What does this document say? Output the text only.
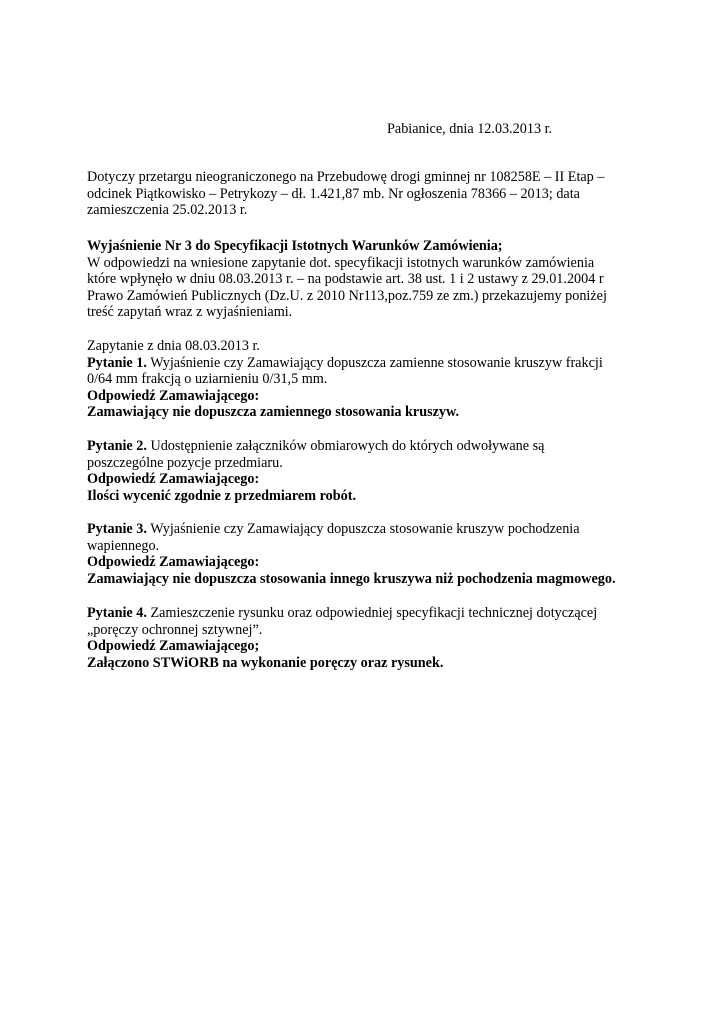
Pabianice, dnia 12.03.2013 r.
Dotyczy przetargu nieograniczonego na Przebudowę drogi gminnej nr 108258E – II Etap –
odcinek Piątkowisko – Petrykozy – dł. 1.421,87 mb. Nr ogłoszenia 78366 – 2013; data
zamieszczenia 25.02.2013 r.
Wyjaśnienie Nr 3 do Specyfikacji Istotnych Warunków Zamówienia;
W odpowiedzi na wniesione zapytanie dot. specyfikacji istotnych warunków zamówienia
które wpłynęło w dniu 08.03.2013 r. – na podstawie art. 38 ust. 1 i 2 ustawy z 29.01.2004 r
Prawo Zamówień Publicznych (Dz.U. z 2010 Nr113,poz.759 ze zm.) przekazujemy poniżej
treść zapytań wraz z wyjaśnieniami.
Zapytanie z dnia 08.03.2013 r.
Pytanie 1. Wyjaśnienie czy Zamawiający dopuszcza zamienne stosowanie kruszyw frakcji
0/64 mm frakcją o uziarnieniu 0/31,5 mm.
Odpowiedź Zamawiającego:
Zamawiający nie dopuszcza zamiennego stosowania kruszyw.
Pytanie 2. Udostępnienie załączników obmiarowych do których odwoływane są
poszczególne pozycje przedmiaru.
Odpowiedź Zamawiającego:
Ilości wycenić zgodnie z przedmiarem robót.
Pytanie 3. Wyjaśnienie czy Zamawiający dopuszcza stosowanie kruszyw pochodzenia
wapiennego.
Odpowiedź Zamawiającego:
Zamawiający nie dopuszcza stosowania innego kruszywa niż pochodzenia magmowego.
Pytanie 4. Zamieszczenie rysunku oraz odpowiedniej specyfikacji technicznej dotyczącej
„poręczy ochronnej sztywnej”.
Odpowiedź Zamawiającego;
Załączono STWiORB na wykonanie poręczy oraz rysunek.
